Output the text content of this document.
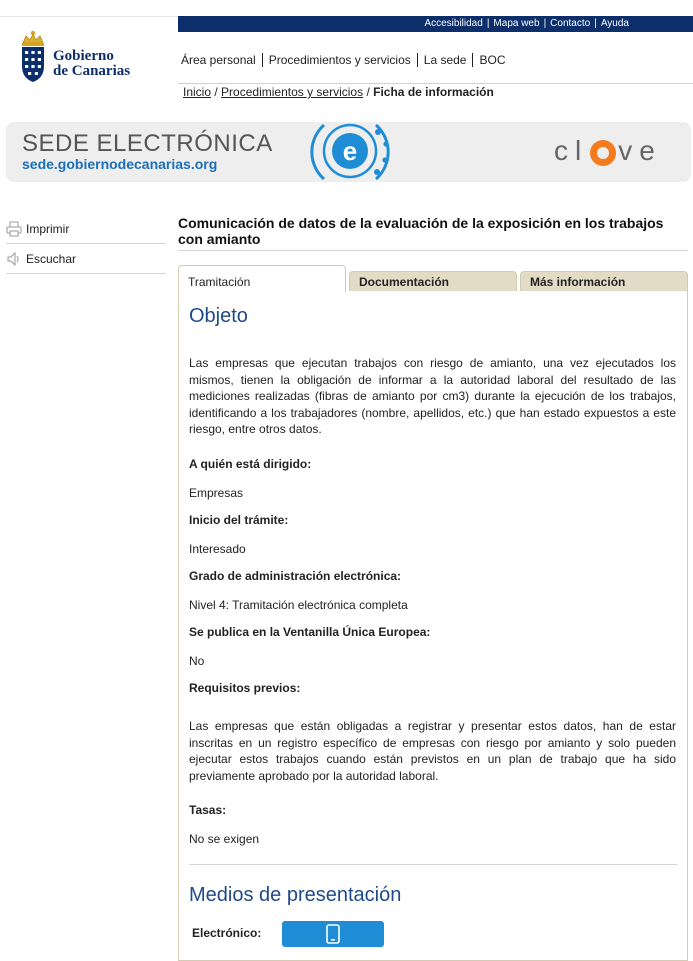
Accesibilidad | Mapa web | Contacto | Ayuda
Gobierno
de Canarias
Área personal Procedimientos y servicios La sede BOC
Inicio / Procedimientos y servicios / Ficha de información
SEDE ELECTRÓNICA
sede.gobiernodecanarias.org	e	cl ve
Imprimir
Escuchar
Comunicación de datos de la evaluación de la exposición en los trabajos con amianto
Tramitación	Documentación	Más información
Objeto
Las empresas que ejecutan trabajos con riesgo de amianto, una vez ejecutados los mismos, tienen la obligación de informar a la autoridad laboral del resultado de las mediciones realizadas (fibras de amianto por cm3) durante la ejecución de los trabajos, identificando a los trabajadores (nombre, apellidos, etc.) que han estado expuestos a este riesgo, entre otros datos.
A quién está dirigido:
Empresas
Inicio del trámite:
Interesado
Grado de administración electrónica:
Nivel 4: Tramitación electrónica completa
Se publica en la Ventanilla Única Europea:
No
Requisitos previos:
Las empresas que están obligadas a registrar y presentar estos datos, han de estar inscritas en un registro específico de empresas con riesgo por amianto y solo pueden ejecutar estos trabajos cuando están previstos en un plan de trabajo que ha sido previamente aprobado por la autoridad laboral.
Tasas:
No se exigen
Medios de presentación
Electrónico:
